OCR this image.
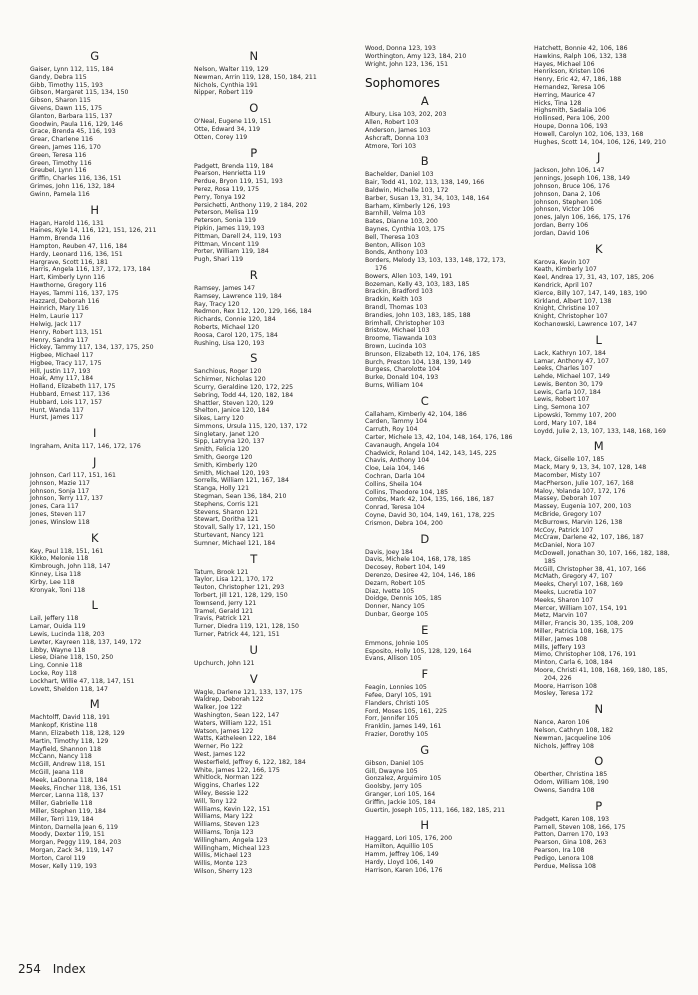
G
Gaiser, Lynn 112, 115, 184
Gandy, Debra 115
Gibb, Timothy 115, 193
Gibson, Margaret 115, 134, 150
Gibson, Sharon 115
Givens, Dawn 115, 175
Glanton, Barbara 115, 137
Goodwin, Paula 116, 129, 146
Grace, Brenda 45, 116, 193
Grear, Charlene 116
Green, James 116, 170
Green, Teresa 116
Green, Timothy 116
Greubel, Lynn 116
Griffin, Charles 116, 136, 151
Grimes, John 116, 132, 184
Gwinn, Pamela 116
H
Hagan, Harold 116, 131
Haines, Kyle 14, 116, 121, 151, 126, 211
Hamm, Brenda 116
Hampton, Reuben 47, 116, 184
Hardy, Leonard 116, 136, 151
Hargrave, Scott 116, 181
Harris, Angela 116, 137, 172, 173, 184
Hart, Kimberly Lynn 116
Hawthorne, Gregory 116
Hayes, Tammi 116, 137, 175
Hazzard, Deborah 116
Heinrich, Mary 116
Helm, Laurie 117
Helwig, Jack 117
Henry, Robert 113, 151
Henry, Sandra 117
Hickey, Tammy 117, 134, 137, 175, 250
Higbee, Michael 117
Higbee, Tracy 117, 175
Hill, Justin 117, 193
Hoak, Amy 117, 184
Holland, Elizabeth 117, 175
Hubbard, Ernest 117, 136
Hubbard, Lois 117, 157
Hunt, Wanda 117
Hurst, James 117
I
Ingraham, Anita 117, 146, 172, 176
J
Johnson, Carl 117, 151, 161
Johnson, Mazie 117
Johnson, Sonja 117
Johnson, Terry 117, 137
Jones, Cara 117
Jones, Steven 117
Jones, Winslow 118
K
Key, Paul 118, 151, 161
Kikko, Melonie 118
Kimbrough, John 118, 147
Kinney, Lisa 118
Kirby, Lee 118
Kronyak, Toni 118
L
Lail, Jeffery 118
Lamar, Ouida 119
Lewis, Lucinda 118, 203
Lewter, Kayreen 118, 137, 149, 172
Libby, Wayne 118
Liese, Diane 118, 150, 250
Ling, Connie 118
Locke, Roy 118
Lockhart, Willie 47, 118, 147, 151
Lovett, Sheldon 118, 147
M
Machtolff, David 118, 191
Mankopf, Kristine 118
Mann, Elizabeth 118, 128, 129
Martin, Timothy 118, 129
Mayfield, Shannon 118
McCann, Nancy 118
McGill, Andrew 118, 151
McGill, Jeana 118
Meek, LaDonna 118, 184
Meeks, Fincher 118, 136, 151
Mercer, Lanna 118, 137
Miller, Gabrielle 118
Miller, Stephen 119, 184
Miller, Terri 119, 184
Minton, Darnella Jean 6, 119
Moody, Dexter 119, 151
Morgan, Peggy 119, 184, 203
Morgan, Zack 34, 119, 147
Morton, Carol 119
Moser, Kelly 119, 193
N
Nelson, Walter 119, 129
Newman, Arrin 119, 128, 150, 184, 211
Nichols, Cynthia 191
Nipper, Robert 119
O
O'Neal, Eugene 119, 151
Otte, Edward 34, 119
Otten, Corey 119
P
Padgett, Brenda 119, 184
Pearson, Henrietta 119
Perdue, Bryon 119, 151, 193
Perez, Rosa 119, 175
Perry, Tonya 192
Persichetti, Anthony 119, 2 184, 202
Peterson, Melisa 119
Peterson, Sonia 119
Pipkin, James 119, 193
Pittman, Darell 24, 119, 193
Pittman, Vincent 119
Porter, William 119, 184
Pugh, Shari 119
R
Ramsey, James 147
Ramsey, Lawrence 119, 184
Ray, Tracy 120
Redmon, Rex 112, 120, 129, 166, 184
Richards, Connie 120, 184
Roberts, Michael 120
Roosa, Carol 120, 175, 184
Rushing, Lisa 120, 193
S
Sanchious, Roger 120
Schirmer, Nicholas 120
Scurry, Geraldine 120, 172, 225
Sebring, Todd 44, 120, 182, 184
Shattler, Steven 120, 129
Shelton, Janice 120, 184
Sikes, Larry 120
Simmons, Ursula 115, 120, 137, 172
Singletary, Janet 120
Sipp, Latryna 120, 137
Smith, Felicia 120
Smith, George 120
Smith, Kimberly 120
Smith, Michael 120, 193
Sorrells, William 121, 167, 184
Stanga, Holly 121
Stegman, Sean 136, 184, 210
Stephens, Corris 121
Stevens, Sharon 121
Stewart, Doritha 121
Stovall, Sally 17, 121, 150
Sturtevant, Nancy 121
Sumner, Michael 121, 184
T
Tatum, Brook 121
Taylor, Lisa 121, 170, 172
Teuton, Christopher 121, 293
Torbert, Jill 121, 128, 129, 150
Townsend, Jerry 121
Tramel, Gerald 121
Travis, Patrick 121
Turner, Diedra 119, 121, 128, 150
Turner, Patrick 44, 121, 151
U
Upchurch, John 121
V
Wagle, Darlene 121, 133, 137, 175
Waldrep, Deborah 122
Walker, Joe 122
Washington, Sean 122, 147
Waters, William 122, 151
Watson, James 122
Watts, Katheleen 122, 184
Werner, Pio 122
West, James 122
Westerfield, Jeffrey 6, 122, 182, 184
White, James 122, 166, 175
Whitlock, Norman 122
Wiggins, Charles 122
Wiley, Bessie 122
Will, Tony 122
Williams, Kevin 122, 151
Williams, Mary 122
Williams, Steven 123
Williams, Tonja 123
Willingham, Angela 123
Willingham, Micheal 123
Willis, Michael 123
Willis, Monte 123
Wilson, Sherry 123
Wood, Donna 123, 193
Worthington, Amy 123, 184, 210
Wright, John 123, 136, 151
Sophomores
A
Albury, Lisa 103, 202, 203
Allen, Robert 103
Anderson, James 103
Ashcraft, Donna 103
Atmore, Tori 103
B
Bachelder, Daniel 103
Bair, Todd 41, 102, 113, 138, 149, 166
Baldwin, Michelle 103, 172
Barber, Susan 13, 31, 34, 103, 148, 164
Barham, Kimberly 126, 193
Barnhill, Velma 103
Bates, Dianne 103, 200
Baynes, Cynthia 103, 175
Bell, Theresa 103
Benton, Allison 103
Bonds, Anthony 103
Borders, Melody 13, 103, 133, 148, 172, 173,
176
Bowers, Allen 103, 149, 191
Bozeman, Kelly 43, 103, 183, 185
Brackin, Bradford 103
Bradkin, Keith 103
Brandl, Thomas 103
Brandies, John 103, 183, 185, 188
Brimhall, Christopher 103
Bristow, Michael 103
Broome, Tiawanda 103
Brown, Lucinda 103
Brunson, Elizabeth 12, 104, 176, 185
Burch, Preston 104, 138, 139, 149
Burgess, Charolotte 104
Burke, Donald 104, 193
Burns, William 104
C
Callaham, Kimberly 42, 104, 186
Carden, Tammy 104
Carruth, Roy 104
Carter, Michele 13, 42, 104, 148, 164, 176, 186
Cavanaugh, Angela 104
Chadwick, Roland 104, 142, 143, 145, 225
Chavis, Anthony 104
Cloe, Leia 104, 146
Cochran, Darla 104
Collins, Sheila 104
Collins, Theodore 104, 185
Combs, Mark 42, 104, 135, 166, 186, 187
Conrad, Teresa 104
Coyne, David 30, 104, 149, 161, 178, 225
Crismon, Debra 104, 200
D
Davis, Joey 184
Davis, Michele 104, 168, 178, 185
Decosey, Robert 104, 149
Derenzo, Desiree 42, 104, 146, 186
Dezarn, Robert 105
Diaz, Ivette 105
Doidge, Dennis 105, 185
Donner, Nancy 105
Dunbar, George 105
E
Emmons, Johnie 105
Esposito, Holly 105, 128, 129, 164
Evans, Allison 105
F
Feagin, Lonnies 105
Fefee, Daryl 105, 191
Flanders, Christi 105
Ford, Moses 105, 161, 225
Forr, Jennifer 105
Franklin, James 149, 161
Frazier, Dorothy 105
G
Gibson, Daniel 105
Gill, Dwayne 105
Gonzalez, Arguimiro 105
Goolsby, Jerry 105
Granger, Lori 105, 164
Griffin, Jackie 105, 184
Guertin, Joseph 105, 111, 166, 182, 185, 211
H
Haggard, Lori 105, 176, 200
Hamilton, Aquillio 105
Hamm, Jeffrey 106, 149
Hardy, Lloyd 106, 149
Harrison, Karen 106, 176
Hatchett, Bonnie 42, 106, 186
Hawkins, Ralph 106, 132, 138
Hayes, Michael 106
Henrikson, Kristen 106
Henry, Eric 42, 47, 186, 188
Hernandez, Teresa 106
Herring, Maurice 47
Hicks, Tina 128
Highsmith, Sadalia 106
Hollinsed, Pera 106, 200
Houpe, Donna 106, 193
Howell, Carolyn 102, 106, 133, 168
Hughes, Scott 14, 104, 106, 126, 149, 210
J
Jackson, John 106, 147
Jennings, Joseph 106, 138, 149
Johnson, Bruce 106, 176
Johnson, Dana 2, 106
Johnson, Stephen 106
Johnson, Victor 106
Jones, Jalyn 106, 166, 175, 176
Jordan, Berry 106
Jordan, David 106
K
Karova, Kevin 107
Keath, Kimberly 107
Keel, Andrea 17, 31, 43, 107, 185, 206
Kendrick, April 107
Kierce, Billy 107, 147, 149, 183, 190
Kirkland, Albert 107, 138
Knight, Christine 107
Knight, Christopher 107
Kochanowski, Lawrence 107, 147
L
Lack, Kathryn 107, 184
Lamar, Anthony 47, 107
Leeks, Charles 107
Lehde, Michael 107, 149
Lewis, Benton 30, 179
Lewis, Carla 107, 184
Lewis, Robert 107
Ling, Semona 107
Lipowski, Tommy 107, 200
Lord, Mary 107, 184
Loydd, Julie 2, 13, 107, 133, 148, 168, 169
M
Mack, Giselle 107, 185
Mack, Mary 9, 13, 34, 107, 128, 148
Macomber, Misty 107
MacPherson, Julie 107, 167, 168
Maloy, Yolanda 107, 172, 176
Massey, Deborah 107
Massey, Eugenia 107, 200, 103
McBride, Gregory 107
McBurrows, Marvin 126, 138
McCoy, Patrick 107
McCraw, Darlene 42, 107, 186, 187
McDaniel, Nora 107
McDowell, Jonathan 30, 107, 166, 182, 188,
185
McGill, Christopher 38, 41, 107, 166
McMath, Gregory 47, 107
Meeks, Cheryl 107, 168, 169
Meeks, Lucretia 107
Meeks, Sharon 107
Mercer, William 107, 154, 191
Metz, Marvin 107
Miller, Francis 30, 135, 108, 209
Miller, Patricia 108, 168, 175
Miller, James 108
Mills, Jeffery 193
Mimo, Christopher 108, 176, 191
Minton, Carla 6, 108, 184
Moore, Christi 41, 108, 168, 169, 180, 185,
204, 226
Moore, Harrison 108
Mosley, Teresa 172
N
Nance, Aaron 106
Nelson, Cathryn 108, 182
Newman, Jacqueline 106
Nichols, Jeffrey 108
O
Oberther, Christina 185
Odom, William 108, 190
Owens, Sandra 108
P
Padgett, Karen 108, 193
Parnell, Steven 108, 166, 175
Patton, Darren 170, 193
Pearson, Gina 108, 263
Pearson, Ira 108
Pedigo, Lenora 108
Perdue, Melissa 108
254 Index
